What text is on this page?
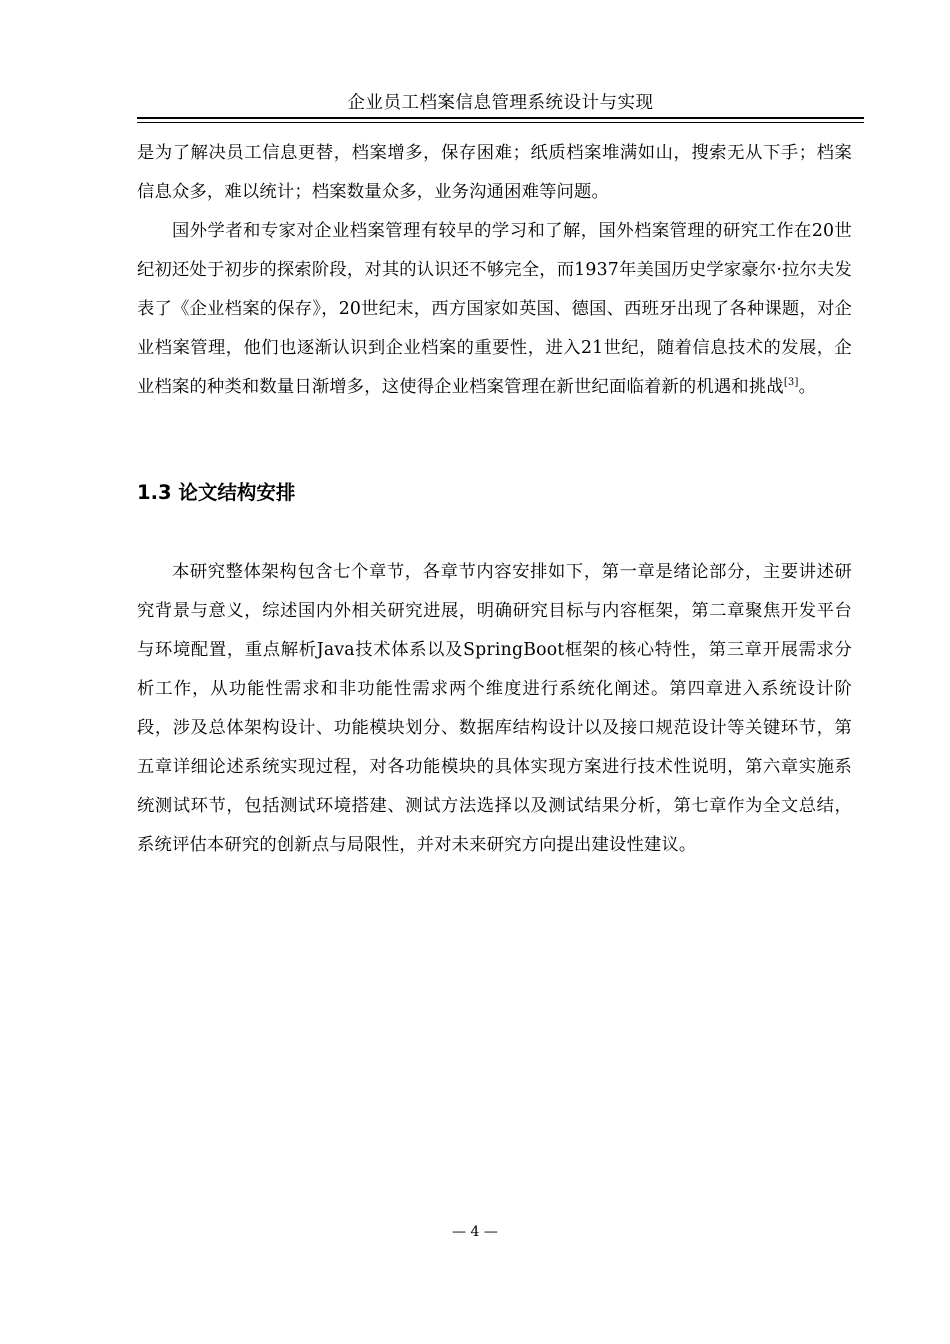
企业员工档案信息管理系统设计与实现

是为了解决员工信息更替，档案增多，保存困难；纸质档案堆满如山，搜索无从下手；档案信息众多，难以统计；档案数量众多，业务沟通困难等问题。

国外学者和专家对企业档案管理有较早的学习和了解，国外档案管理的研究工作在20世纪初还处于初步的探索阶段，对其的认识还不够完全，而1937年美国历史学家豪尔·拉尔夫发表了《企业档案的保存》，20世纪末，西方国家如英国、德国、西班牙出现了各种课题，对企业档案管理，他们也逐渐认识到企业档案的重要性，进入21世纪，随着信息技术的发展，企业档案的种类和数量日渐增多，这使得企业档案管理在新世纪面临着新的机遇和挑战[3]。

1.3 论文结构安排

本研究整体架构包含七个章节，各章节内容安排如下，第一章是绪论部分，主要讲述研究背景与意义，综述国内外相关研究进展，明确研究目标与内容框架，第二章聚焦开发平台与环境配置，重点解析Java技术体系以及SpringBoot框架的核心特性，第三章开展需求分析工作，从功能性需求和非功能性需求两个维度进行系统化阐述。第四章进入系统设计阶段，涉及总体架构设计、功能模块划分、数据库结构设计以及接口规范设计等关键环节，第五章详细论述系统实现过程，对各功能模块的具体实现方案进行技术性说明，第六章实施系统测试环节，包括测试环境搭建、测试方法选择以及测试结果分析，第七章作为全文总结，系统评估本研究的创新点与局限性，并对未来研究方向提出建设性建议。

— 4 —
